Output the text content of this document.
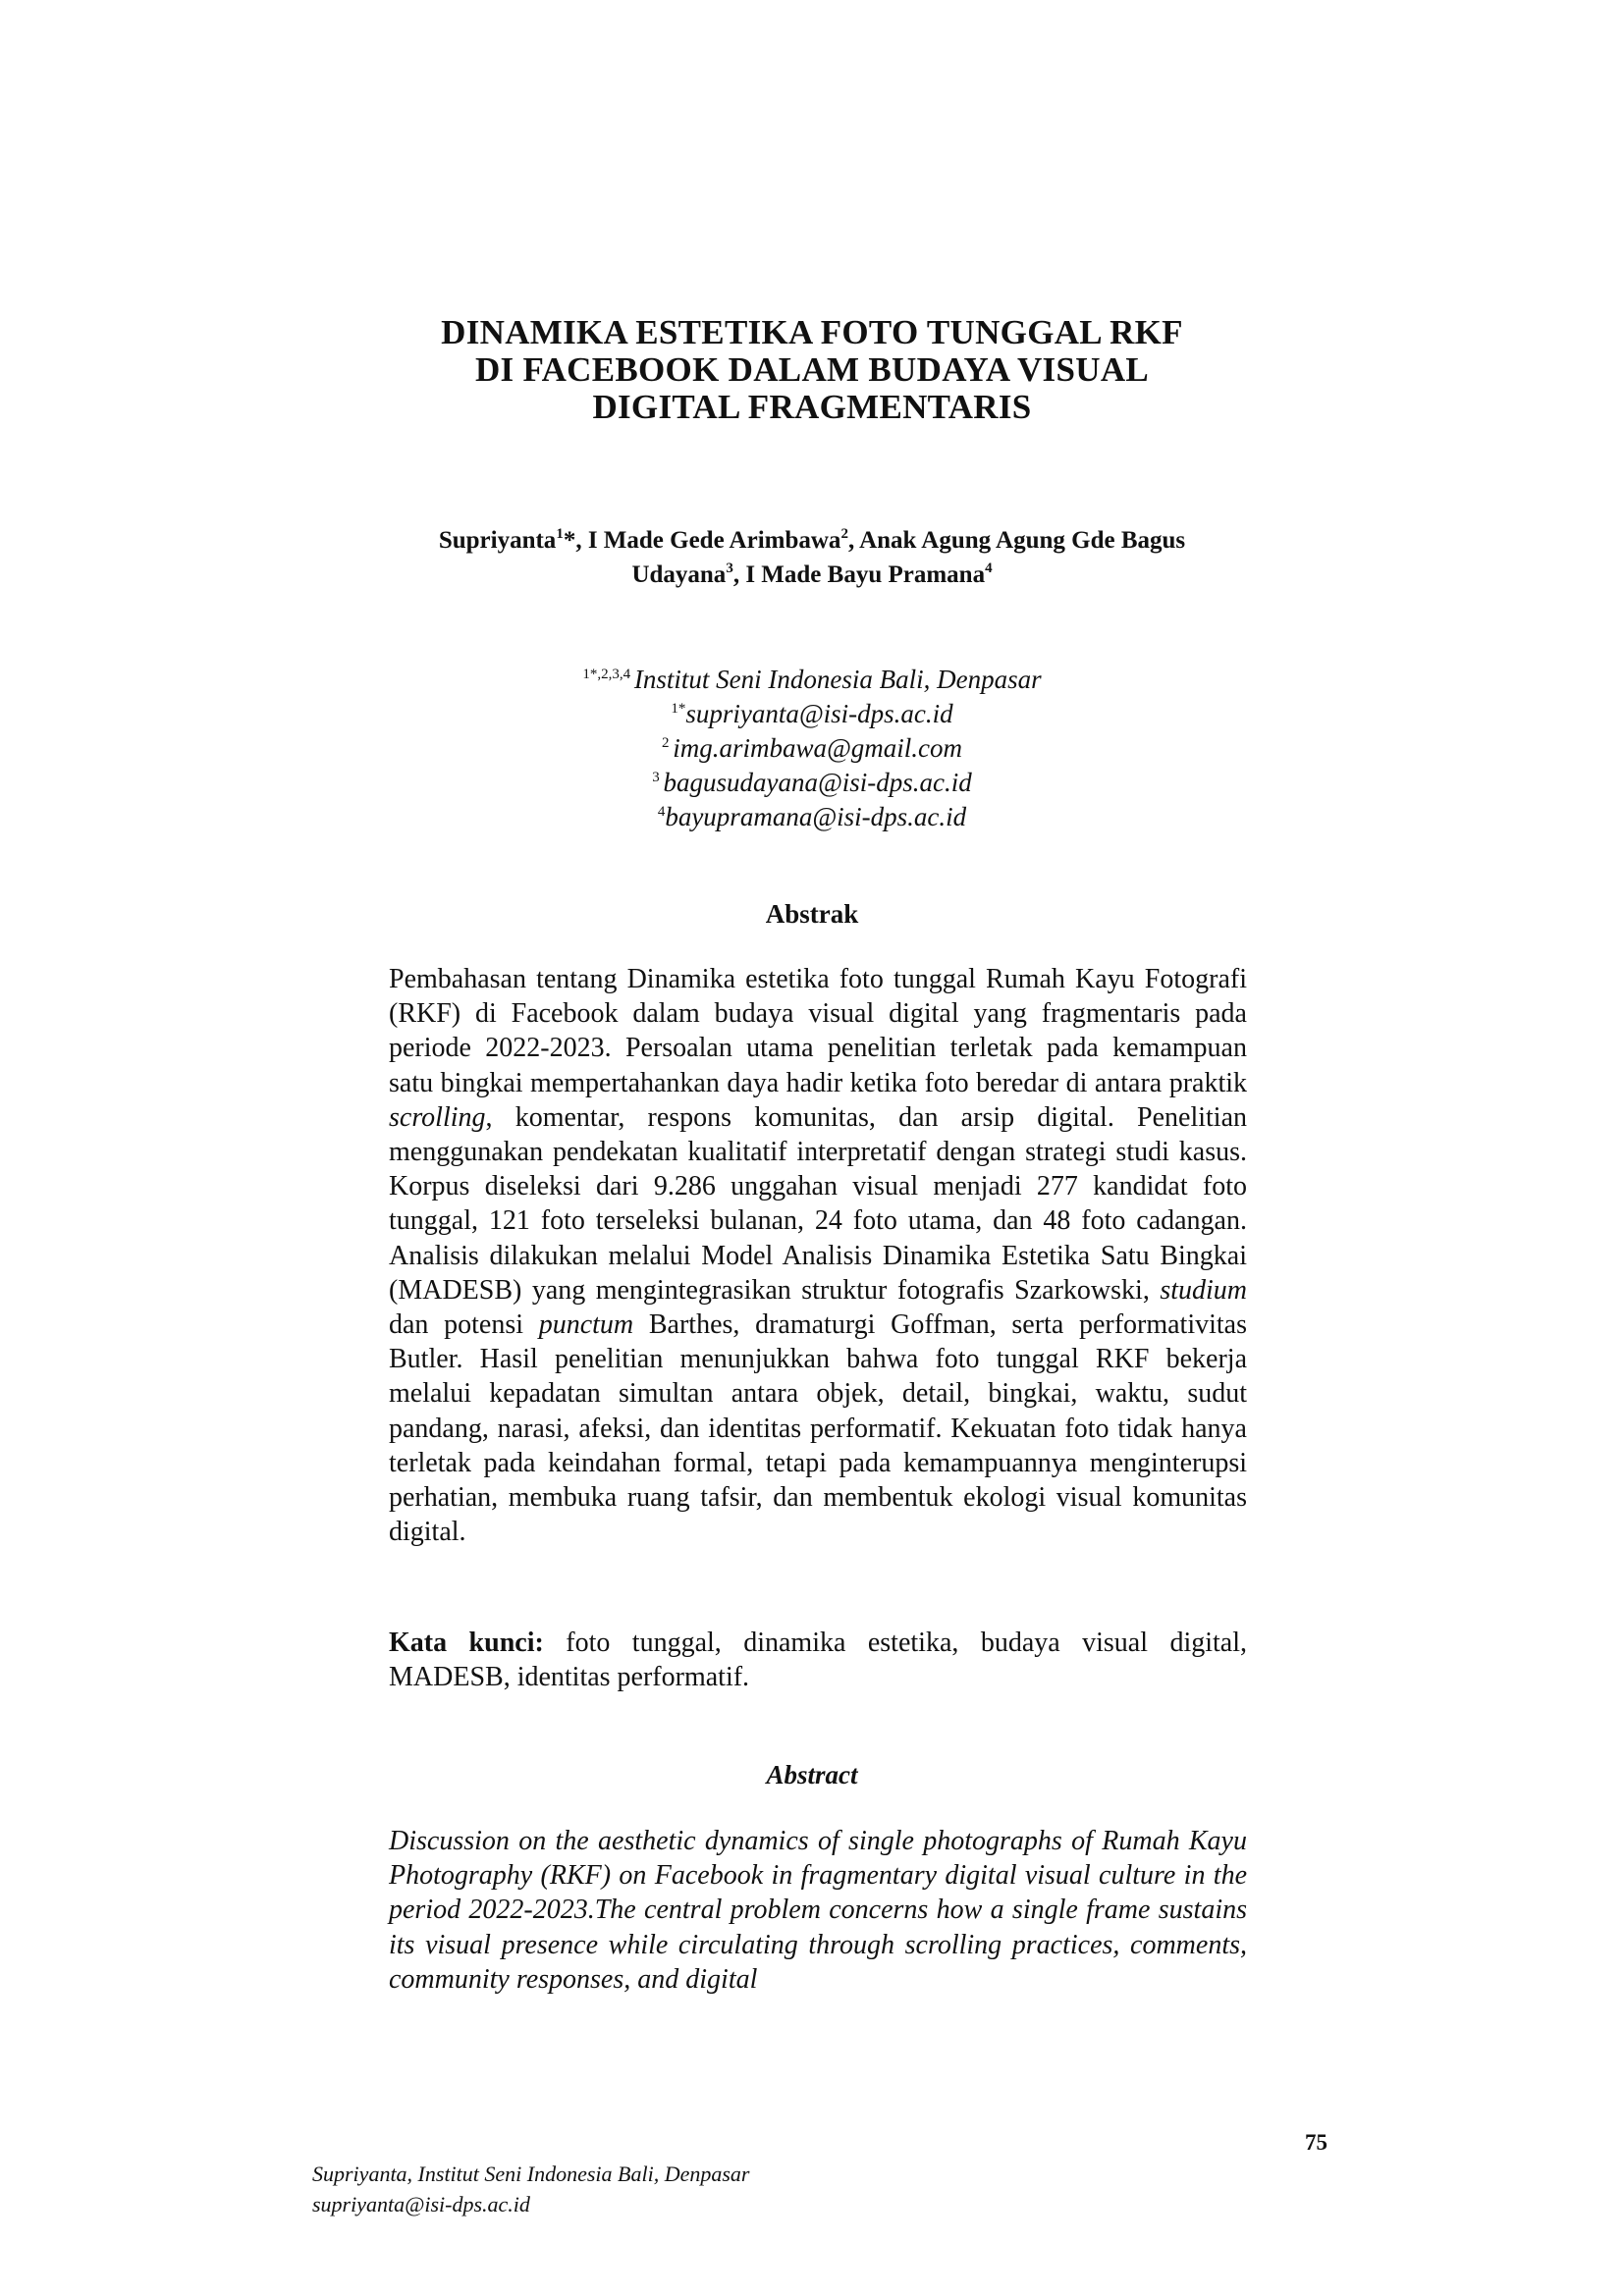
DINAMIKA ESTETIKA FOTO TUNGGAL RKF
DI FACEBOOK DALAM BUDAYA VISUAL
DIGITAL FRAGMENTARIS
Supriyanta$^1$*, I Made Gede Arimbawa$^2$, Anak Agung Agung Gde Bagus
Udayana$^3$, I Made Bayu Pramana$^4$
$^{1*,2,3,4}$ Institut Seni Indonesia Bali, Denpasar
$^{1*}$supriyanta@isi-dps.ac.id
$^2$ img.arimbawa@gmail.com
$^3$ bagusudayana@isi-dps.ac.id
$^4$bayupramana@isi-dps.ac.id
Abstrak
Pembahasan tentang Dinamika estetika foto tunggal Rumah Kayu Fotografi (RKF) di Facebook dalam budaya visual digital yang fragmentaris pada periode 2022-2023. Persoalan utama penelitian terletak pada kemampuan satu bingkai mempertahankan daya hadir ketika foto beredar di antara praktik scrolling, komentar, respons komunitas, dan arsip digital. Penelitian menggunakan pendekatan kualitatif interpretatif dengan strategi studi kasus. Korpus diseleksi dari 9.286 unggahan visual menjadi 277 kandidat foto tunggal, 121 foto terseleksi bulanan, 24 foto utama, dan 48 foto cadangan. Analisis dilakukan melalui Model Analisis Dinamika Estetika Satu Bingkai (MADESB) yang mengintegrasikan struktur fotografis Szarkowski, studium dan potensi punctum Barthes, dramaturgi Goffman, serta performativitas Butler. Hasil penelitian menunjukkan bahwa foto tunggal RKF bekerja melalui kepadatan simultan antara objek, detail, bingkai, waktu, sudut pandang, narasi, afeksi, dan identitas performatif. Kekuatan foto tidak hanya terletak pada keindahan formal, tetapi pada kemampuannya menginterupsi perhatian, membuka ruang tafsir, dan membentuk ekologi visual komunitas digital.
Kata kunci: foto tunggal, dinamika estetika, budaya visual digital, MADESB, identitas performatif.
Abstract
Discussion on the aesthetic dynamics of single photographs of Rumah Kayu Photography (RKF) on Facebook in fragmentary digital visual culture in the period 2022-2023.The central problem concerns how a single frame sustains its visual presence while circulating through scrolling practices, comments, community responses, and digital
75
Supriyanta, Institut Seni Indonesia Bali, Denpasar
supriyanta@isi-dps.ac.id
